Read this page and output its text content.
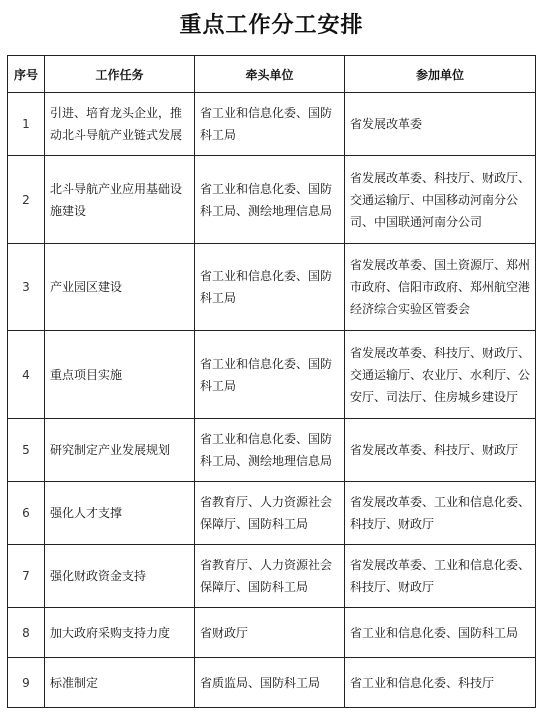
重点工作分工安排
序号	工作任务	牵头单位	参加单位
1	引进、培育龙头企业，推动北斗导航产业链式发展	省工业和信息化委、国防科工局	省发展改革委
2	北斗导航产业应用基础设施建设	省工业和信息化委、国防科工局、测绘地理信息局	省发展改革委、科技厅、财政厅、交通运输厅、中国移动河南分公司、中国联通河南分公司
3	产业园区建设	省工业和信息化委、国防科工局	省发展改革委、国土资源厅、郑州市政府、信阳市政府、郑州航空港经济综合实验区管委会
4	重点项目实施	省工业和信息化委、国防科工局	省发展改革委、科技厅、财政厅、交通运输厅、农业厅、水利厅、公安厅、司法厅、住房城乡建设厅
5	研究制定产业发展规划	省工业和信息化委、国防科工局、测绘地理信息局	省发展改革委、科技厅、财政厅
6	强化人才支撑	省教育厅、人力资源社会保障厅、国防科工局	省发展改革委、工业和信息化委、科技厅、财政厅
7	强化财政资金支持	省教育厅、人力资源社会保障厅、国防科工局	省发展改革委、工业和信息化委、科技厅、财政厅
8	加大政府采购支持力度	省财政厅	省工业和信息化委、国防科工局
9	标准制定	省质监局、国防科工局	省工业和信息化委、科技厅
